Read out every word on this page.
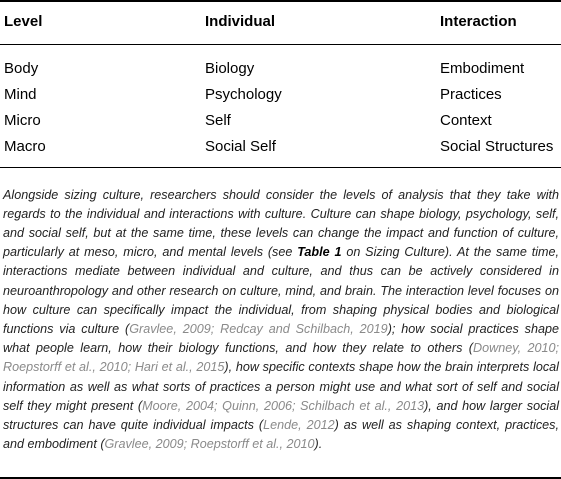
Level	Individual	Interaction
Body	Biology	Embodiment
Mind	Psychology	Practices
Micro	Self	Context
Macro	Social Self	Social Structures

Alongside sizing culture, researchers should consider the levels of analysis that they take with regards to the individual and interactions with culture. Culture can shape biology, psychology, self, and social self, but at the same time, these levels can change the impact and function of culture, particularly at meso, micro, and mental levels (see Table 1 on Sizing Culture). At the same time, interactions mediate between individual and culture, and thus can be actively considered in neuroanthropology and other research on culture, mind, and brain. The interaction level focuses on how culture can specifically impact the individual, from shaping physical bodies and biological functions via culture (Gravlee, 2009; Redcay and Schilbach, 2019); how social practices shape what people learn, how their biology functions, and how they relate to others (Downey, 2010; Roepstorff et al., 2010; Hari et al., 2015), how specific contexts shape how the brain interprets local information as well as what sorts of practices a person might use and what sort of self and social self they might present (Moore, 2004; Quinn, 2006; Schilbach et al., 2013), and how larger social structures can have quite individual impacts (Lende, 2012) as well as shaping context, practices, and embodiment (Gravlee, 2009; Roepstorff et al., 2010).
